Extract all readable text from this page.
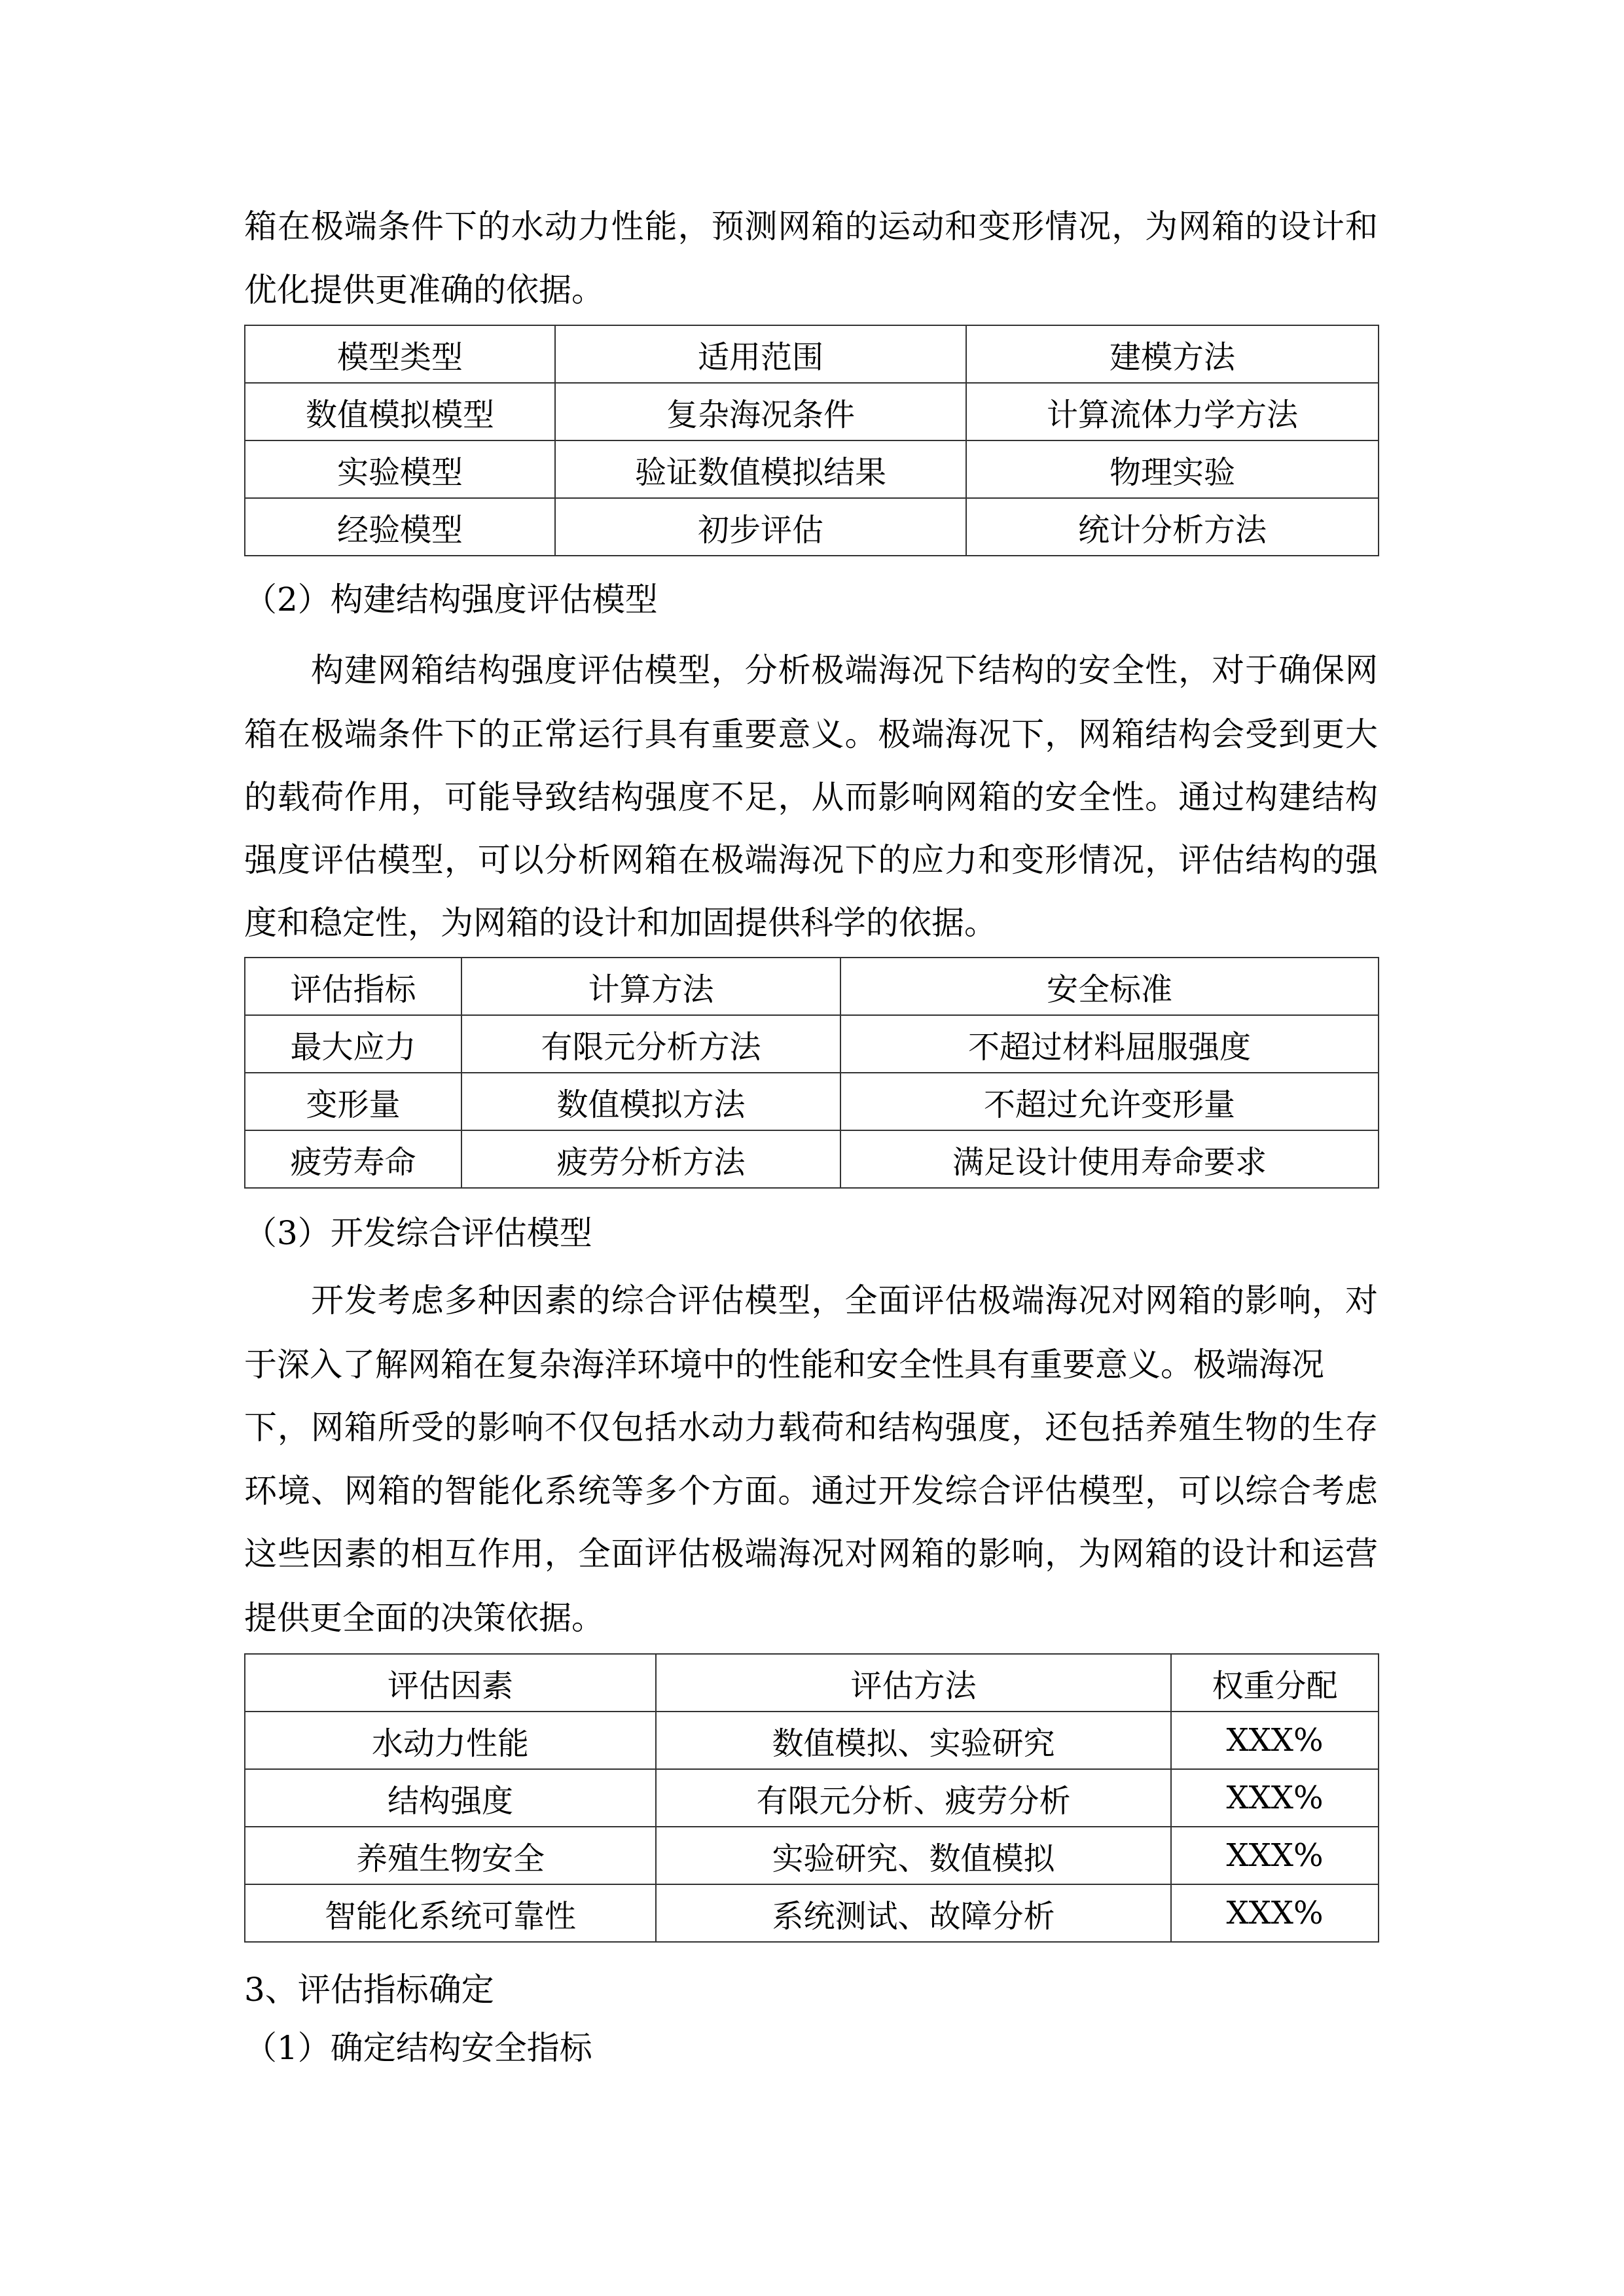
箱在极端条件下的水动力性能，预测网箱的运动和变形情况，为网箱的设计和
优化提供更准确的依据。
模型类型	适用范围	建模方法
数值模拟模型	复杂海况条件	计算流体力学方法
实验模型	验证数值模拟结果	物理实验
经验模型	初步评估	统计分析方法
（2）构建结构强度评估模型
构建网箱结构强度评估模型，分析极端海况下结构的安全性，对于确保网
箱在极端条件下的正常运行具有重要意义。极端海况下，网箱结构会受到更大
的载荷作用，可能导致结构强度不足，从而影响网箱的安全性。通过构建结构
强度评估模型，可以分析网箱在极端海况下的应力和变形情况，评估结构的强
度和稳定性，为网箱的设计和加固提供科学的依据。
评估指标	计算方法	安全标准
最大应力	有限元分析方法	不超过材料屈服强度
变形量	数值模拟方法	不超过允许变形量
疲劳寿命	疲劳分析方法	满足设计使用寿命要求
（3）开发综合评估模型
开发考虑多种因素的综合评估模型，全面评估极端海况对网箱的影响，对
于深入了解网箱在复杂海洋环境中的性能和安全性具有重要意义。极端海况
下，网箱所受的影响不仅包括水动力载荷和结构强度，还包括养殖生物的生存
环境、网箱的智能化系统等多个方面。通过开发综合评估模型，可以综合考虑
这些因素的相互作用，全面评估极端海况对网箱的影响，为网箱的设计和运营
提供更全面的决策依据。
评估因素	评估方法	权重分配
水动力性能	数值模拟、实验研究	XXX%
结构强度	有限元分析、疲劳分析	XXX%
养殖生物安全	实验研究、数值模拟	XXX%
智能化系统可靠性	系统测试、故障分析	XXX%
3、评估指标确定
（1）确定结构安全指标
